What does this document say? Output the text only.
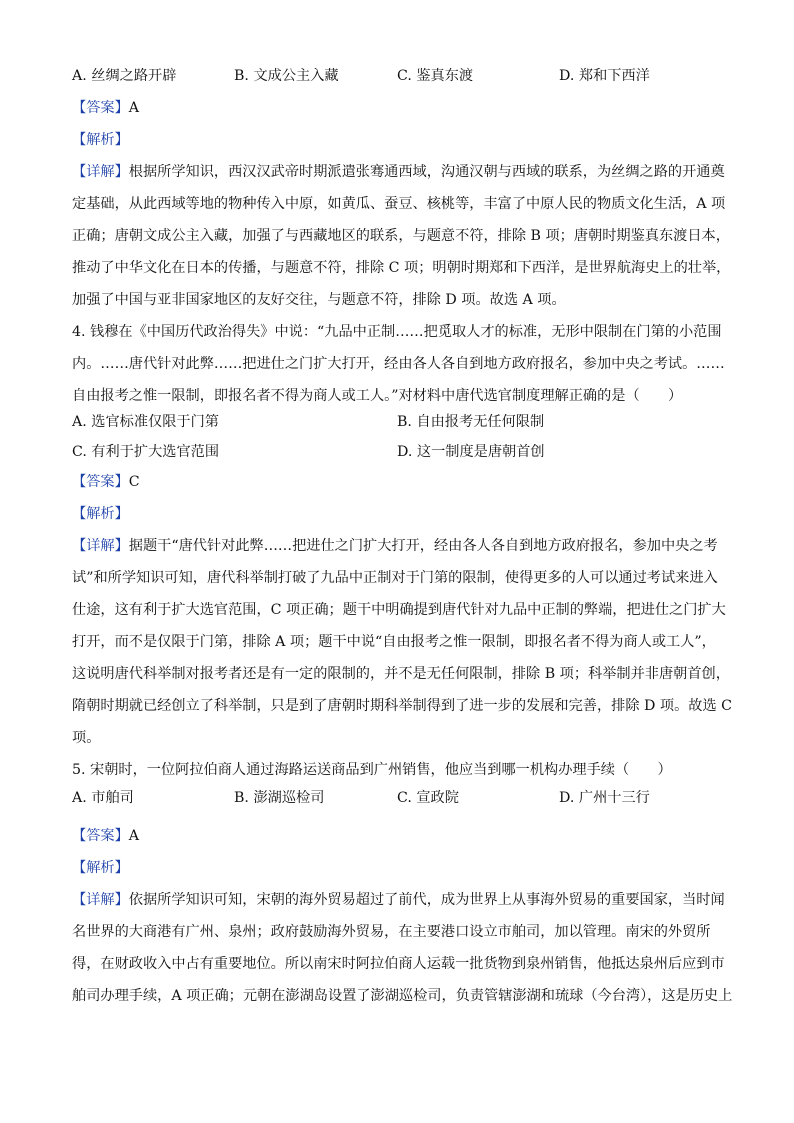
A. 丝绸之路开辟	B. 文成公主入藏	C. 鉴真东渡	D. 郑和下西洋
【答案】A
【解析】
【详解】根据所学知识，西汉汉武帝时期派遣张骞通西域，沟通汉朝与西域的联系，为丝绸之路的开通奠
定基础，从此西域等地的物种传入中原，如黄瓜、蚕豆、核桃等，丰富了中原人民的物质文化生活，A 项
正确；唐朝文成公主入藏，加强了与西藏地区的联系，与题意不符，排除 B 项；唐朝时期鉴真东渡日本，
推动了中华文化在日本的传播，与题意不符，排除 C 项；明朝时期郑和下西洋，是世界航海史上的壮举，
加强了中国与亚非国家地区的友好交往，与题意不符，排除 D 项。故选 A 项。
4. 钱穆在《中国历代政治得失》中说：“九品中正制……把觅取人才的标准，无形中限制在门第的小范围
内。……唐代针对此弊……把进仕之门扩大打开，经由各人各自到地方政府报名，参加中央之考试。……
自由报考之惟一限制，即报名者不得为商人或工人。”对材料中唐代选官制度理解正确的是（　　）
A. 选官标准仅限于门第	B. 自由报考无任何限制
C. 有利于扩大选官范围	D. 这一制度是唐朝首创
【答案】C
【解析】
【详解】据题干“唐代针对此弊……把进仕之门扩大打开，经由各人各自到地方政府报名，参加中央之考
试”和所学知识可知，唐代科举制打破了九品中正制对于门第的限制，使得更多的人可以通过考试来进入
仕途，这有利于扩大选官范围，C 项正确；题干中明确提到唐代针对九品中正制的弊端，把进仕之门扩大
打开，而不是仅限于门第，排除 A 项；题干中说“自由报考之惟一限制，即报名者不得为商人或工人”，
这说明唐代科举制对报考者还是有一定的限制的，并不是无任何限制，排除 B 项；科举制并非唐朝首创，
隋朝时期就已经创立了科举制，只是到了唐朝时期科举制得到了进一步的发展和完善，排除 D 项。故选 C
项。
5. 宋朝时，一位阿拉伯商人通过海路运送商品到广州销售，他应当到哪一机构办理手续（　　）
A. 市舶司	B. 澎湖巡检司	C. 宣政院	D. 广州十三行
【答案】A
【解析】
【详解】依据所学知识可知，宋朝的海外贸易超过了前代，成为世界上从事海外贸易的重要国家，当时闻
名世界的大商港有广州、泉州；政府鼓励海外贸易，在主要港口设立市舶司，加以管理。南宋的外贸所
得，在财政收入中占有重要地位。所以南宋时阿拉伯商人运载一批货物到泉州销售，他抵达泉州后应到市
舶司办理手续，A 项正确；元朝在澎湖岛设置了澎湖巡检司，负责管辖澎湖和琉球（今台湾），这是历史上
